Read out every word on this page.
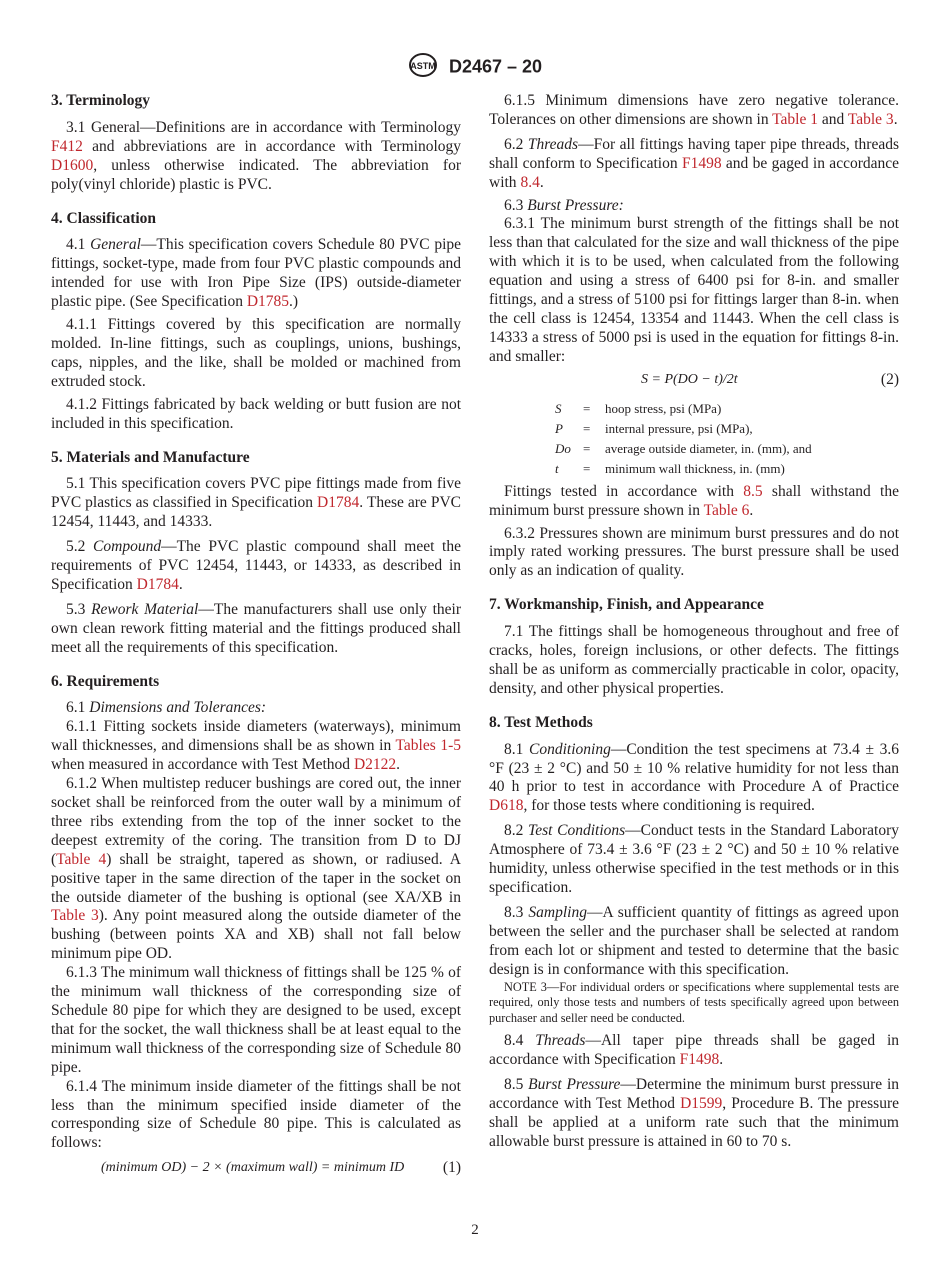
ASTM D2467 – 20
3. Terminology

3.1 General—Definitions are in accordance with Terminology F412 and abbreviations are in accordance with Terminology D1600, unless otherwise indicated. The abbreviation for poly(vinyl chloride) plastic is PVC.

4. Classification

4.1 General—This specification covers Schedule 80 PVC pipe fittings, socket-type, made from four PVC plastic compounds and intended for use with Iron Pipe Size (IPS) outside-diameter plastic pipe. (See Specification D1785.)

4.1.1 Fittings covered by this specification are normally molded. In-line fittings, such as couplings, unions, bushings, caps, nipples, and the like, shall be molded or machined from extruded stock.

4.1.2 Fittings fabricated by back welding or butt fusion are not included in this specification.

5. Materials and Manufacture

5.1 This specification covers PVC pipe fittings made from five PVC plastics as classified in Specification D1784. These are PVC 12454, 11443, and 14333.

5.2 Compound—The PVC plastic compound shall meet the requirements of PVC 12454, 11443, or 14333, as described in Specification D1784.

5.3 Rework Material—The manufacturers shall use only their own clean rework fitting material and the fittings produced shall meet all the requirements of this specification.

6. Requirements

6.1 Dimensions and Tolerances:

6.1.1 Fitting sockets inside diameters (waterways), minimum wall thicknesses, and dimensions shall be as shown in Tables 1-5 when measured in accordance with Test Method D2122.

6.1.2 When multistep reducer bushings are cored out, the inner socket shall be reinforced from the outer wall by a minimum of three ribs extending from the top of the inner socket to the deepest extremity of the coring. The transition from D to DJ (Table 4) shall be straight, tapered as shown, or radiused. A positive taper in the same direction of the taper in the socket on the outside diameter of the bushing is optional (see XA/XB in Table 3). Any point measured along the outside diameter of the bushing (between points XA and XB) shall not fall below minimum pipe OD.

6.1.3 The minimum wall thickness of fittings shall be 125 % of the minimum wall thickness of the corresponding size of Schedule 80 pipe for which they are designed to be used, except that for the socket, the wall thickness shall be at least equal to the minimum wall thickness of the corresponding size of Schedule 80 pipe.

6.1.4 The minimum inside diameter of the fittings shall be not less than the minimum specified inside diameter of the corresponding size of Schedule 80 pipe. This is calculated as follows:

(minimum OD) − 2 × (maximum wall) = minimum ID (1)

6.1.5 Minimum dimensions have zero negative tolerance. Tolerances on other dimensions are shown in Table 1 and Table 3.

6.2 Threads—For all fittings having taper pipe threads, threads shall conform to Specification F1498 and be gaged in accordance with 8.4.

6.3 Burst Pressure:

6.3.1 The minimum burst strength of the fittings shall be not less than that calculated for the size and wall thickness of the pipe with which it is to be used, when calculated from the following equation and using a stress of 6400 psi for 8-in. and smaller fittings, and a stress of 5100 psi for fittings larger than 8-in. when the cell class is 12454, 13354 and 11443. When the cell class is 14333 a stress of 5000 psi is used in the equation for fittings 8-in. and smaller:

S = P(DO − t)/2t	(2)
S	=	hoop stress, psi (MPa)
P	=	internal pressure, psi (MPa),
Do =	average outside diameter, in. (mm), and
t	=	minimum wall thickness, in. (mm)

Fittings tested in accordance with 8.5 shall withstand the minimum burst pressure shown in Table 6.

6.3.2 Pressures shown are minimum burst pressures and do not imply rated working pressures. The burst pressure shall be used only as an indication of quality.

7. Workmanship, Finish, and Appearance

7.1 The fittings shall be homogeneous throughout and free of cracks, holes, foreign inclusions, or other defects. The fittings shall be as uniform as commercially practicable in color, opacity, density, and other physical properties.

8. Test Methods

8.1 Conditioning—Condition the test specimens at 73.4 ± 3.6 °F (23 ± 2 °C) and 50 ± 10 % relative humidity for not less than 40 h prior to test in accordance with Procedure A of Practice D618, for those tests where conditioning is required.

8.2 Test Conditions—Conduct tests in the Standard Laboratory Atmosphere of 73.4 ± 3.6 °F (23 ± 2 °C) and 50 ± 10 % relative humidity, unless otherwise specified in the test methods or in this specification.

8.3 Sampling—A sufficient quantity of fittings as agreed upon between the seller and the purchaser shall be selected at random from each lot or shipment and tested to determine that the basic design is in conformance with this specification.

NOTE 3—For individual orders or specifications where supplemental tests are required, only those tests and numbers of tests specifically agreed upon between purchaser and seller need be conducted.

8.4 Threads—All taper pipe threads shall be gaged in accordance with Specification F1498.

8.5 Burst Pressure—Determine the minimum burst pressure in accordance with Test Method D1599, Procedure B. The pressure shall be applied at a uniform rate such that the minimum allowable burst pressure is attained in 60 to 70 s.

2
